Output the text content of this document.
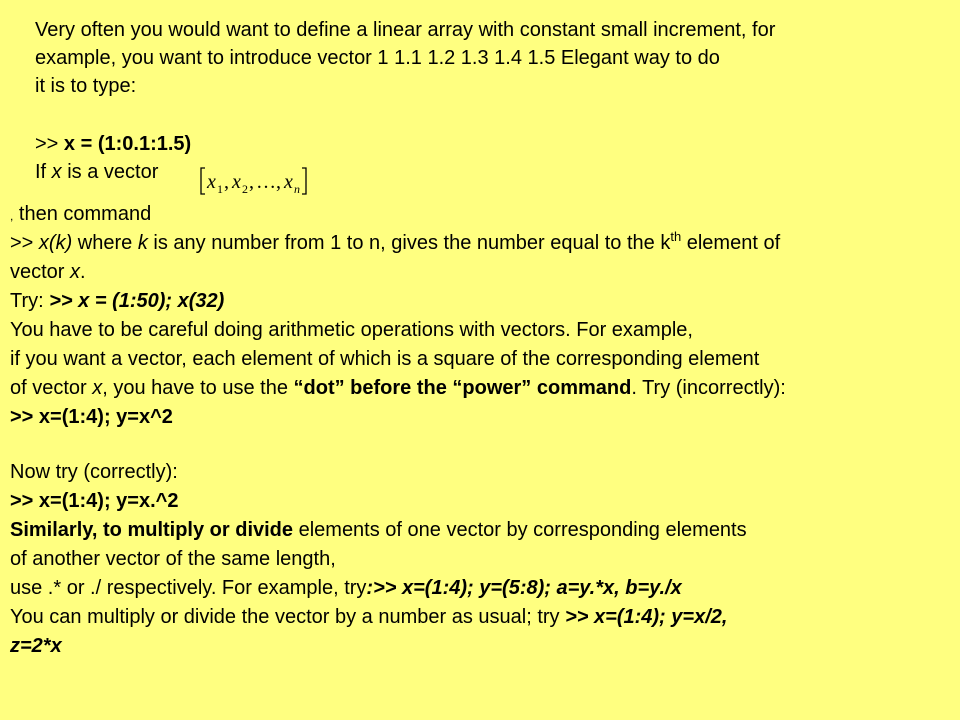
Very often you would want to define a linear array with constant small increment, for
example, you want to introduce vector 1 1.1 1.2 1.3 1.4 1.5 Elegant way to do
it is to type:
>> x = (1:0.1:1.5)
If x is a vector x 1 , x 2 , … , x n
, then command
>> x(k) where k is any number from 1 to n, gives the number equal to the $k^{th}$ element of
vector x.
Try: >> x = (1:50); x(32)
You have to be careful doing arithmetic operations with vectors. For example,
if you want a vector, each element of which is a square of the corresponding element
of vector x, you have to use the “dot” before the “power” command. Try (incorrectly):
>> x=(1:4); y=x^2
Now try (correctly):
>> x=(1:4); y=x.^2
Similarly, to multiply or divide elements of one vector by corresponding elements
of another vector of the same length,
use .* or ./ respectively. For example, try:>> x=(1:4); y=(5:8); a=y.*x, b=y./x
You can multiply or divide the vector by a number as usual; try >> x=(1:4); y=x/2,
z=2*x
